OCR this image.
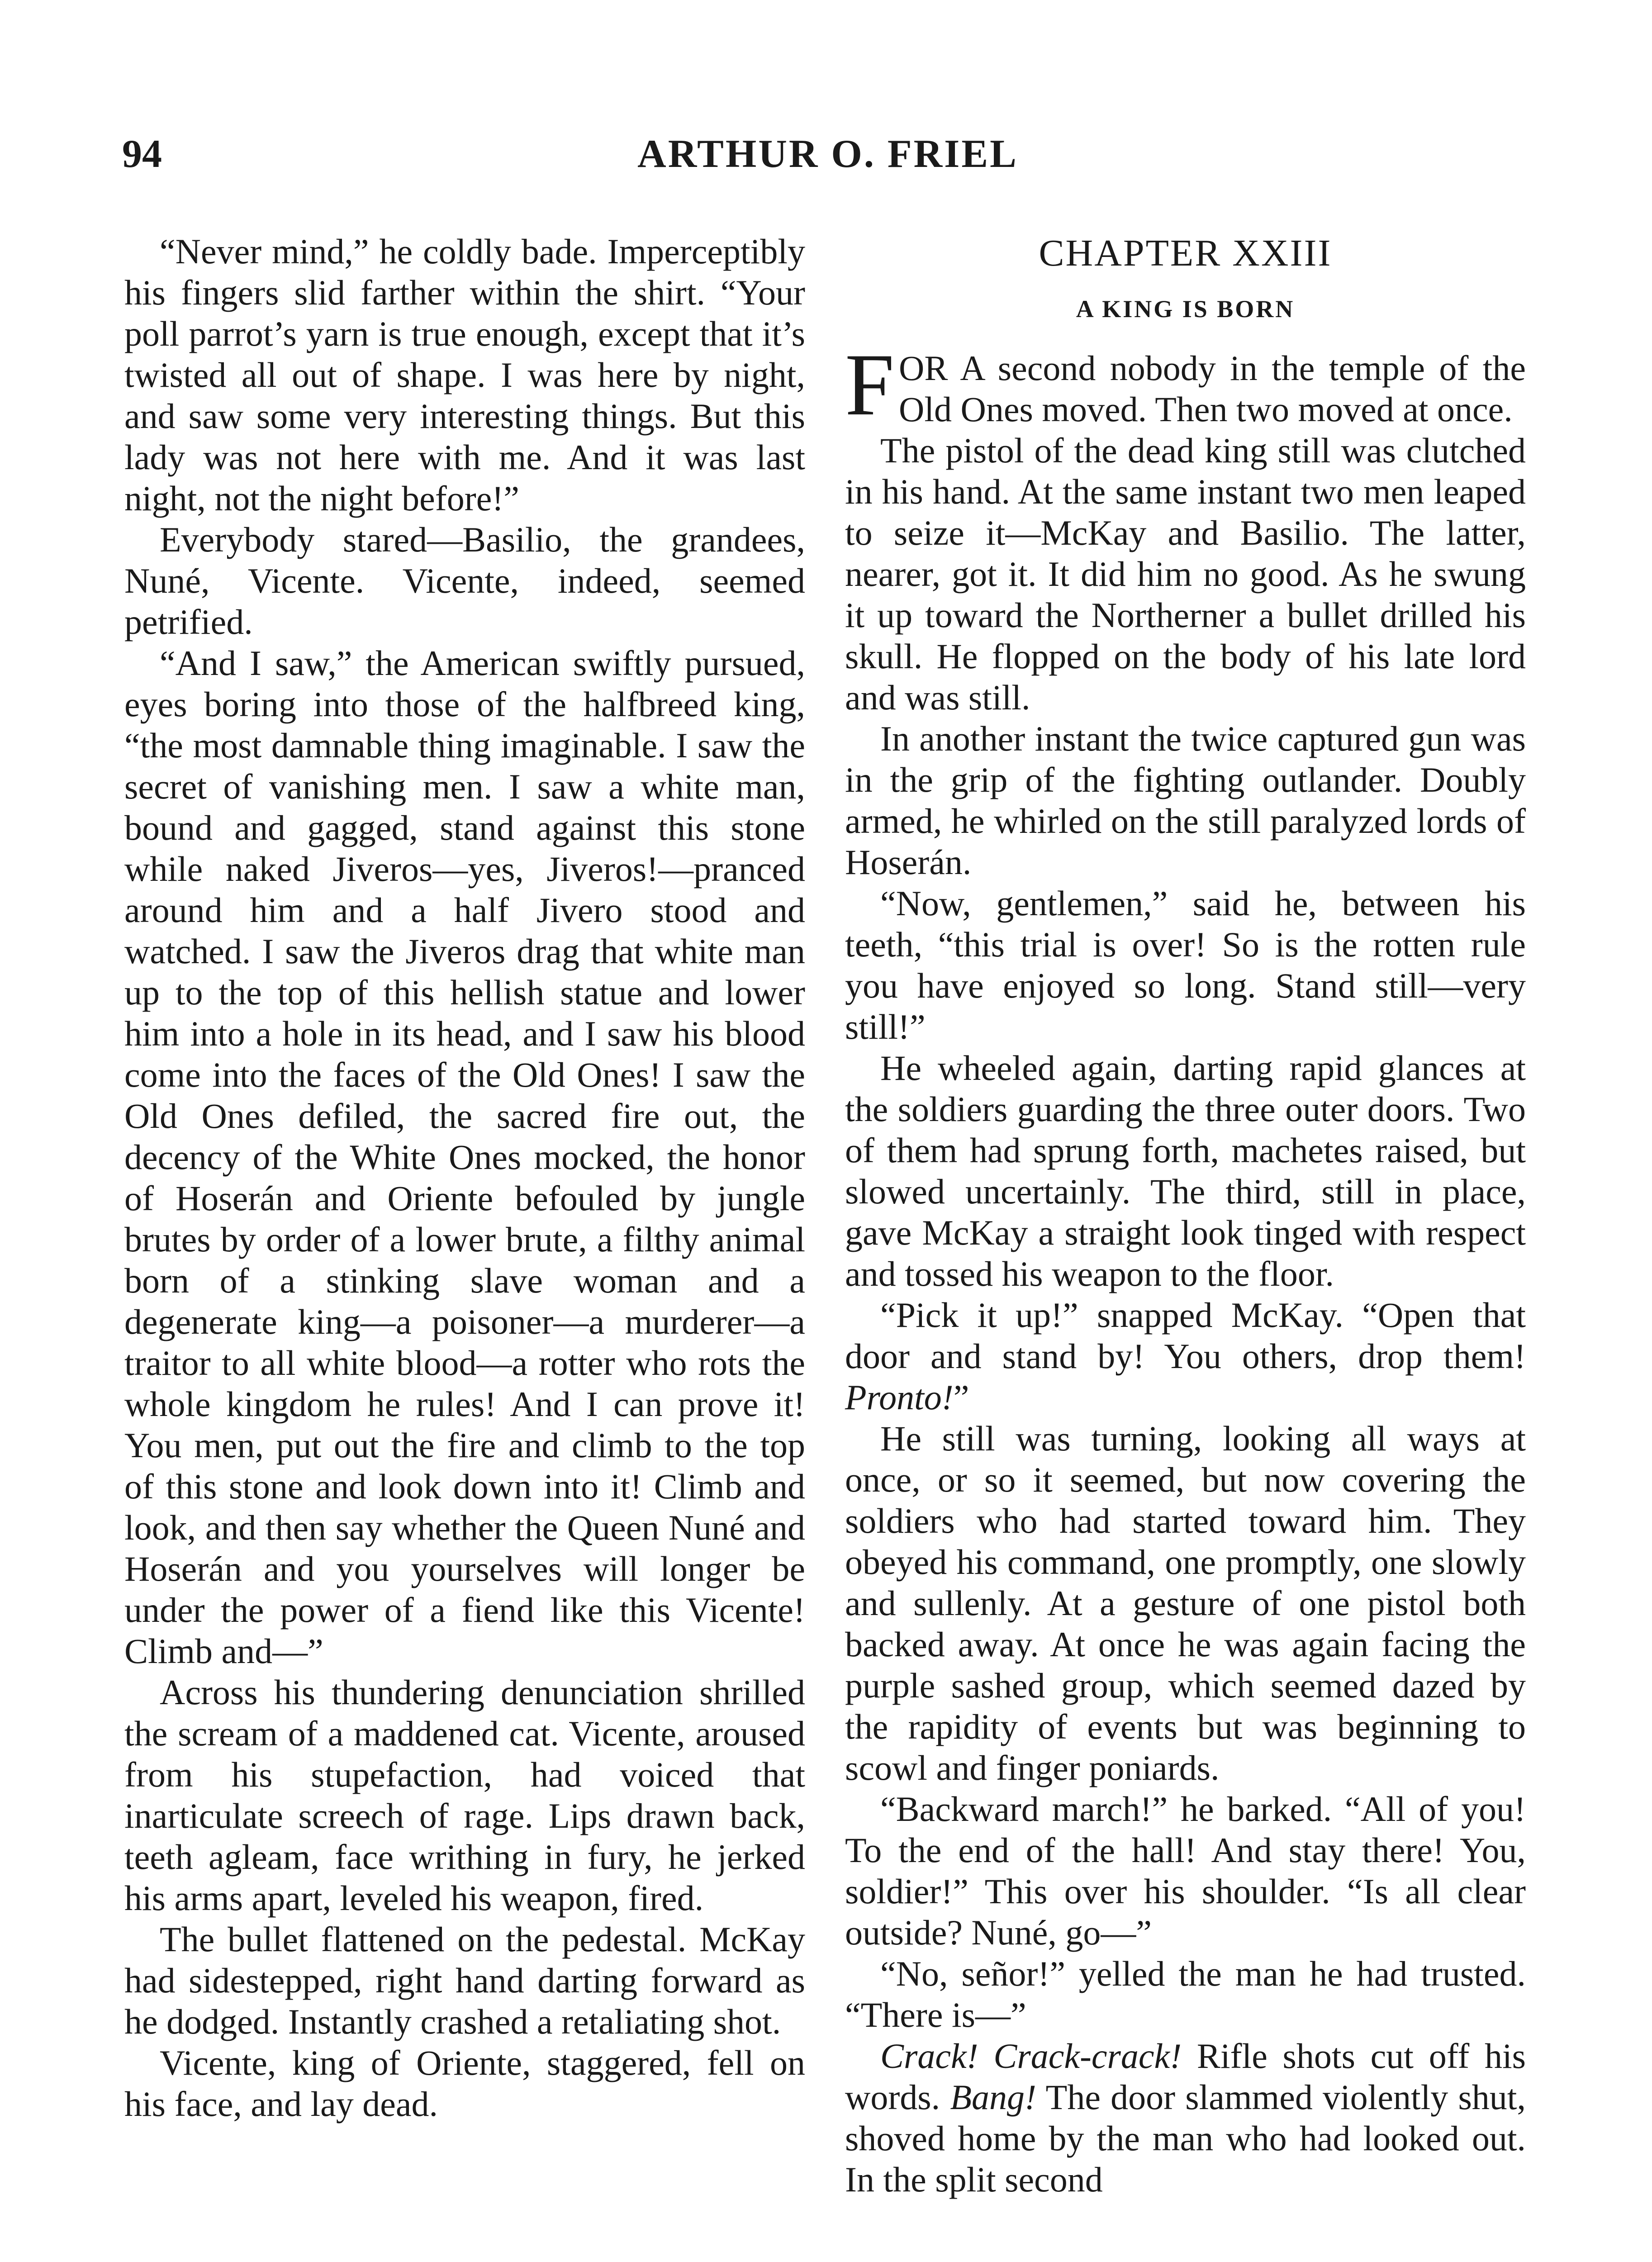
94	ARTHUR O. FRIEL

“Never mind,” he coldly bade. Imperceptibly his fingers slid farther within the shirt. “Your poll parrot’s yarn is true enough, except that it’s twisted all out of shape. I was here by night, and saw some very interesting things. But this lady was not here with me. And it was last night, not the night before!”

Everybody stared—Basilio, the grandees, Nuné, Vicente. Vicente, indeed, seemed petrified.

“And I saw,” the American swiftly pursued, eyes boring into those of the halfbreed king, “the most damnable thing imaginable. I saw the secret of vanishing men. I saw a white man, bound and gagged, stand against this stone while naked Jiveros—yes, Jiveros!—pranced around him and a half Jivero stood and watched. I saw the Jiveros drag that white man up to the top of this hellish statue and lower him into a hole in its head, and I saw his blood come into the faces of the Old Ones! I saw the Old Ones defiled, the sacred fire out, the decency of the White Ones mocked, the honor of Hoserán and Oriente befouled by jungle brutes by order of a lower brute, a filthy animal born of a stinking slave woman and a degenerate king—a poisoner—a murderer—a traitor to all white blood—a rotter who rots the whole kingdom he rules! And I can prove it! You men, put out the fire and climb to the top of this stone and look down into it! Climb and look, and then say whether the Queen Nuné and Hoserán and you yourselves will longer be under the power of a fiend like this Vicente! Climb and—”

Across his thundering denunciation shrilled the scream of a maddened cat. Vicente, aroused from his stupefaction, had voiced that inarticulate screech of rage. Lips drawn back, teeth agleam, face writhing in fury, he jerked his arms apart, leveled his weapon, fired.

The bullet flattened on the pedestal. McKay had sidestepped, right hand darting forward as he dodged. Instantly crashed a retaliating shot.

Vicente, king of Oriente, staggered, fell on his face, and lay dead.

CHAPTER XXIII
A KING IS BORN

FOR A second nobody in the temple of the Old Ones moved. Then two moved at once.

The pistol of the dead king still was clutched in his hand. At the same instant two men leaped to seize it—McKay and Basilio. The latter, nearer, got it. It did him no good. As he swung it up toward the Northerner a bullet drilled his skull. He flopped on the body of his late lord and was still.

In another instant the twice captured gun was in the grip of the fighting outlander. Doubly armed, he whirled on the still paralyzed lords of Hoserán.

“Now, gentlemen,” said he, between his teeth, “this trial is over! So is the rotten rule you have enjoyed so long. Stand still—very still!”

He wheeled again, darting rapid glances at the soldiers guarding the three outer doors. Two of them had sprung forth, machetes raised, but slowed uncertainly. The third, still in place, gave McKay a straight look tinged with respect and tossed his weapon to the floor.

“Pick it up!” snapped McKay. “Open that door and stand by! You others, drop them! Pronto!”

He still was turning, looking all ways at once, or so it seemed, but now covering the soldiers who had started toward him. They obeyed his command, one promptly, one slowly and sullenly. At a gesture of one pistol both backed away. At once he was again facing the purple sashed group, which seemed dazed by the rapidity of events but was beginning to scowl and finger poniards.

“Backward march!” he barked. “All of you! To the end of the hall! And stay there! You, soldier!” This over his shoulder. “Is all clear outside? Nuné, go—”

“No, señor!” yelled the man he had trusted. “There is—”

Crack! Crack-crack! Rifle shots cut off his words. Bang! The door slammed violently shut, shoved home by the man who had looked out. In the split second
